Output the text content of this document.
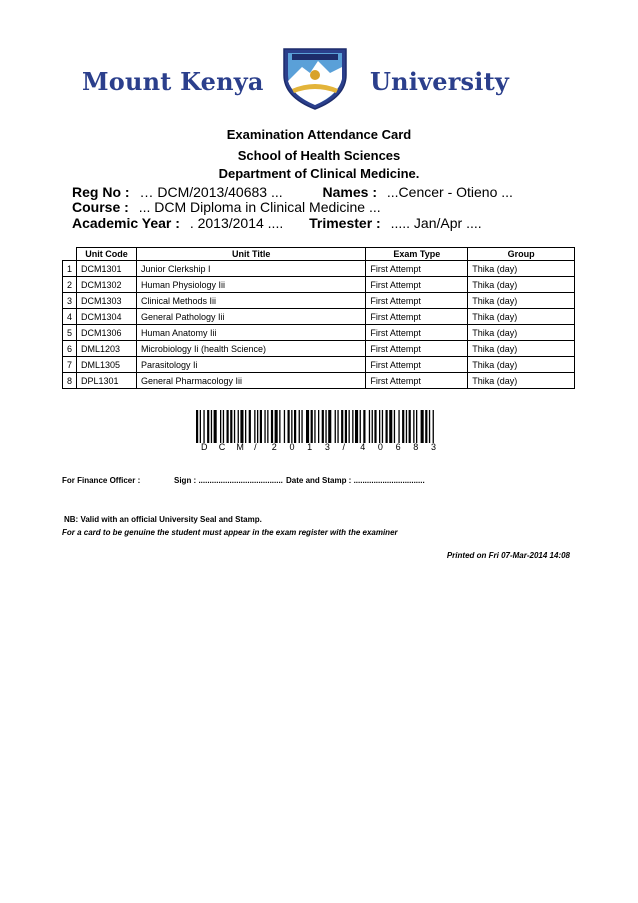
Mount Kenya	University
Examination Attendance Card
School of Health Sciences
Department of Clinical Medicine.
Reg No : … DCM/2013/40683 ...	Names : ...Cencer - Otieno ...
Course : ... DCM Diploma in Clinical Medicine ...
Academic Year : . 2013/2014 .... Trimester : ..... Jan/Apr ....
	Unit Code	Unit Title	Exam Type	Group
1	DCM1301	Junior Clerkship I	First Attempt	Thika (day)
2	DCM1302	Human Physiology Iii	First Attempt	Thika (day)
3	DCM1303	Clinical Methods Iii	First Attempt	Thika (day)
4	DCM1304	General Pathology Iii	First Attempt	Thika (day)
5	DCM1306	Human Anatomy Iii	First Attempt	Thika (day)
6	DML1203	Microbiology Ii (health Science)	First Attempt	Thika (day)
7	DML1305	Parasitology Ii	First Attempt	Thika (day)
8	DPL1301	General Pharmacology Iii	First Attempt	Thika (day)
D C M / 2 0 1 3 / 4 0 6 8 3
For Finance Officer :	Sign : ...................................... Date and Stamp : ................................
NB: Valid with an official University Seal and Stamp.
For a card to be genuine the student must appear in the exam register with the examiner
Printed on Fri 07-Mar-2014 14:08
